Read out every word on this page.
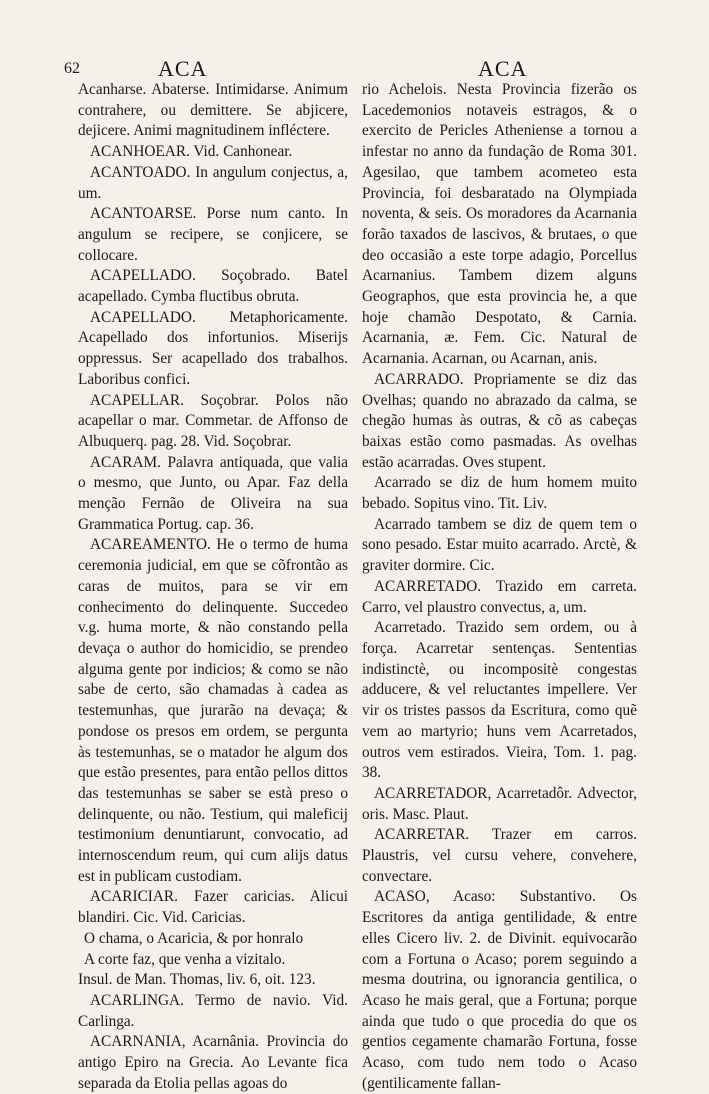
62	ACA	ACA

Acanharse. Abaterse. Intimidarse. Animum contrahere, ou demittere. Se abjicere, dejicere. Animi magnitudinem infléctere.

ACANHOEAR. Vid. Canhonear.

ACANTOADO. In angulum conjectus, a, um.

ACANTOARSE. Porse num canto. In angulum se recipere, se conjicere, se collocare.

ACAPELLADO. Soçobrado. Batel acapellado. Cymba fluctibus obruta.

ACAPELLADO. Metaphoricamente. Acapellado dos infortunios. Miserijs oppressus. Ser acapellado dos trabalhos. Laboribus confici.

ACAPELLAR. Soçobrar. Polos não acapellar o mar. Commetar. de Affonso de Albuquerq. pag. 28. Vid. Soçobrar.

ACARAM. Palavra antiquada, que valia o mesmo, que Junto, ou Apar. Faz della menção Fernão de Oliveira na sua Grammatica Portug. cap. 36.

ACAREAMENTO. He o termo de huma ceremonia judicial, em que se cõfrontão as caras de muitos, para se vir em conhecimento do delinquente. Succedeo v.g. huma morte, & não constando pella devaça o author do homicidio, se prendeo alguma gente por indicios; & como se não sabe de certo, são chamadas à cadea as testemunhas, que jurarão na devaça; & pondose os presos em ordem, se pergunta às testemunhas, se o matador he algum dos que estão presentes, para então pellos dittos das testemunhas se saber se està preso o delinquente, ou não. Testium, qui maleficij testimonium denuntiarunt, convocatio, ad internoscendum reum, qui cum alijs datus est in publicam custodiam.

ACARICIAR. Fazer caricias. Alicui blandiri. Cic. Vid. Caricias.

O chama, o Acaricia, & por honralo

A corte faz, que venha a vizitalo.

Insul. de Man. Thomas, liv. 6, oit. 123.

ACARLINGA. Termo de navio. Vid. Carlinga.

ACARNANIA, Acarnânia. Provincia do antigo Epiro na Grecia. Ao Levante fica separada da Etolia pellas agoas do

rio Achelois. Nesta Provincia fizerão os Lacedemonios notaveis estragos, & o exercito de Pericles Atheniense a tornou a infestar no anno da fundação de Roma 301. Agesilao, que tambem acometeo esta Provincia, foi desbaratado na Olympiada noventa, & seis. Os moradores da Acarnania forão taxados de lascivos, & brutaes, o que deo occasião a este torpe adagio, Porcellus Acarnanius. Tambem dizem alguns Geographos, que esta provincia he, a que hoje chamão Despotato, & Carnia. Acarnania, æ. Fem. Cic. Natural de Acarnania. Acarnan, ou Acarnan, anis.

ACARRADO. Propriamente se diz das Ovelhas; quando no abrazado da calma, se chegão humas às outras, & cõ as cabeças baixas estão como pasmadas. As ovelhas estão acarradas. Oves stupent.

Acarrado se diz de hum homem muito bebado. Sopitus vino. Tit. Liv.

Acarrado tambem se diz de quem tem o sono pesado. Estar muito acarrado. Arctè, & graviter dormire. Cic.

ACARRETADO. Trazido em carreta. Carro, vel plaustro convectus, a, um.

Acarretado. Trazido sem ordem, ou à força. Acarretar sentenças. Sententias indistinctè, ou incompositè congestas adducere, & vel reluctantes impellere. Ver vir os tristes passos da Escritura, como quẽ vem ao martyrio; huns vem Acarretados, outros vem estirados. Vieira, Tom. 1. pag. 38.

ACARRETADOR, Acarretadôr. Advector, oris. Masc. Plaut.

ACARRETAR. Trazer em carros. Plaustris, vel cursu vehere, convehere, convectare.

ACASO, Acaso: Substantivo. Os Escritores da antiga gentilidade, & entre elles Cicero liv. 2. de Divinit. equivocarão com a Fortuna o Acaso; porem seguindo a mesma doutrina, ou ignorancia gentilica, o Acaso he mais geral, que a Fortuna; porque ainda que tudo o que procedia do que os gentios cegamente chamarão Fortuna, fosse Acaso, com tudo nem todo o Acaso (gentilicamente fallan-
